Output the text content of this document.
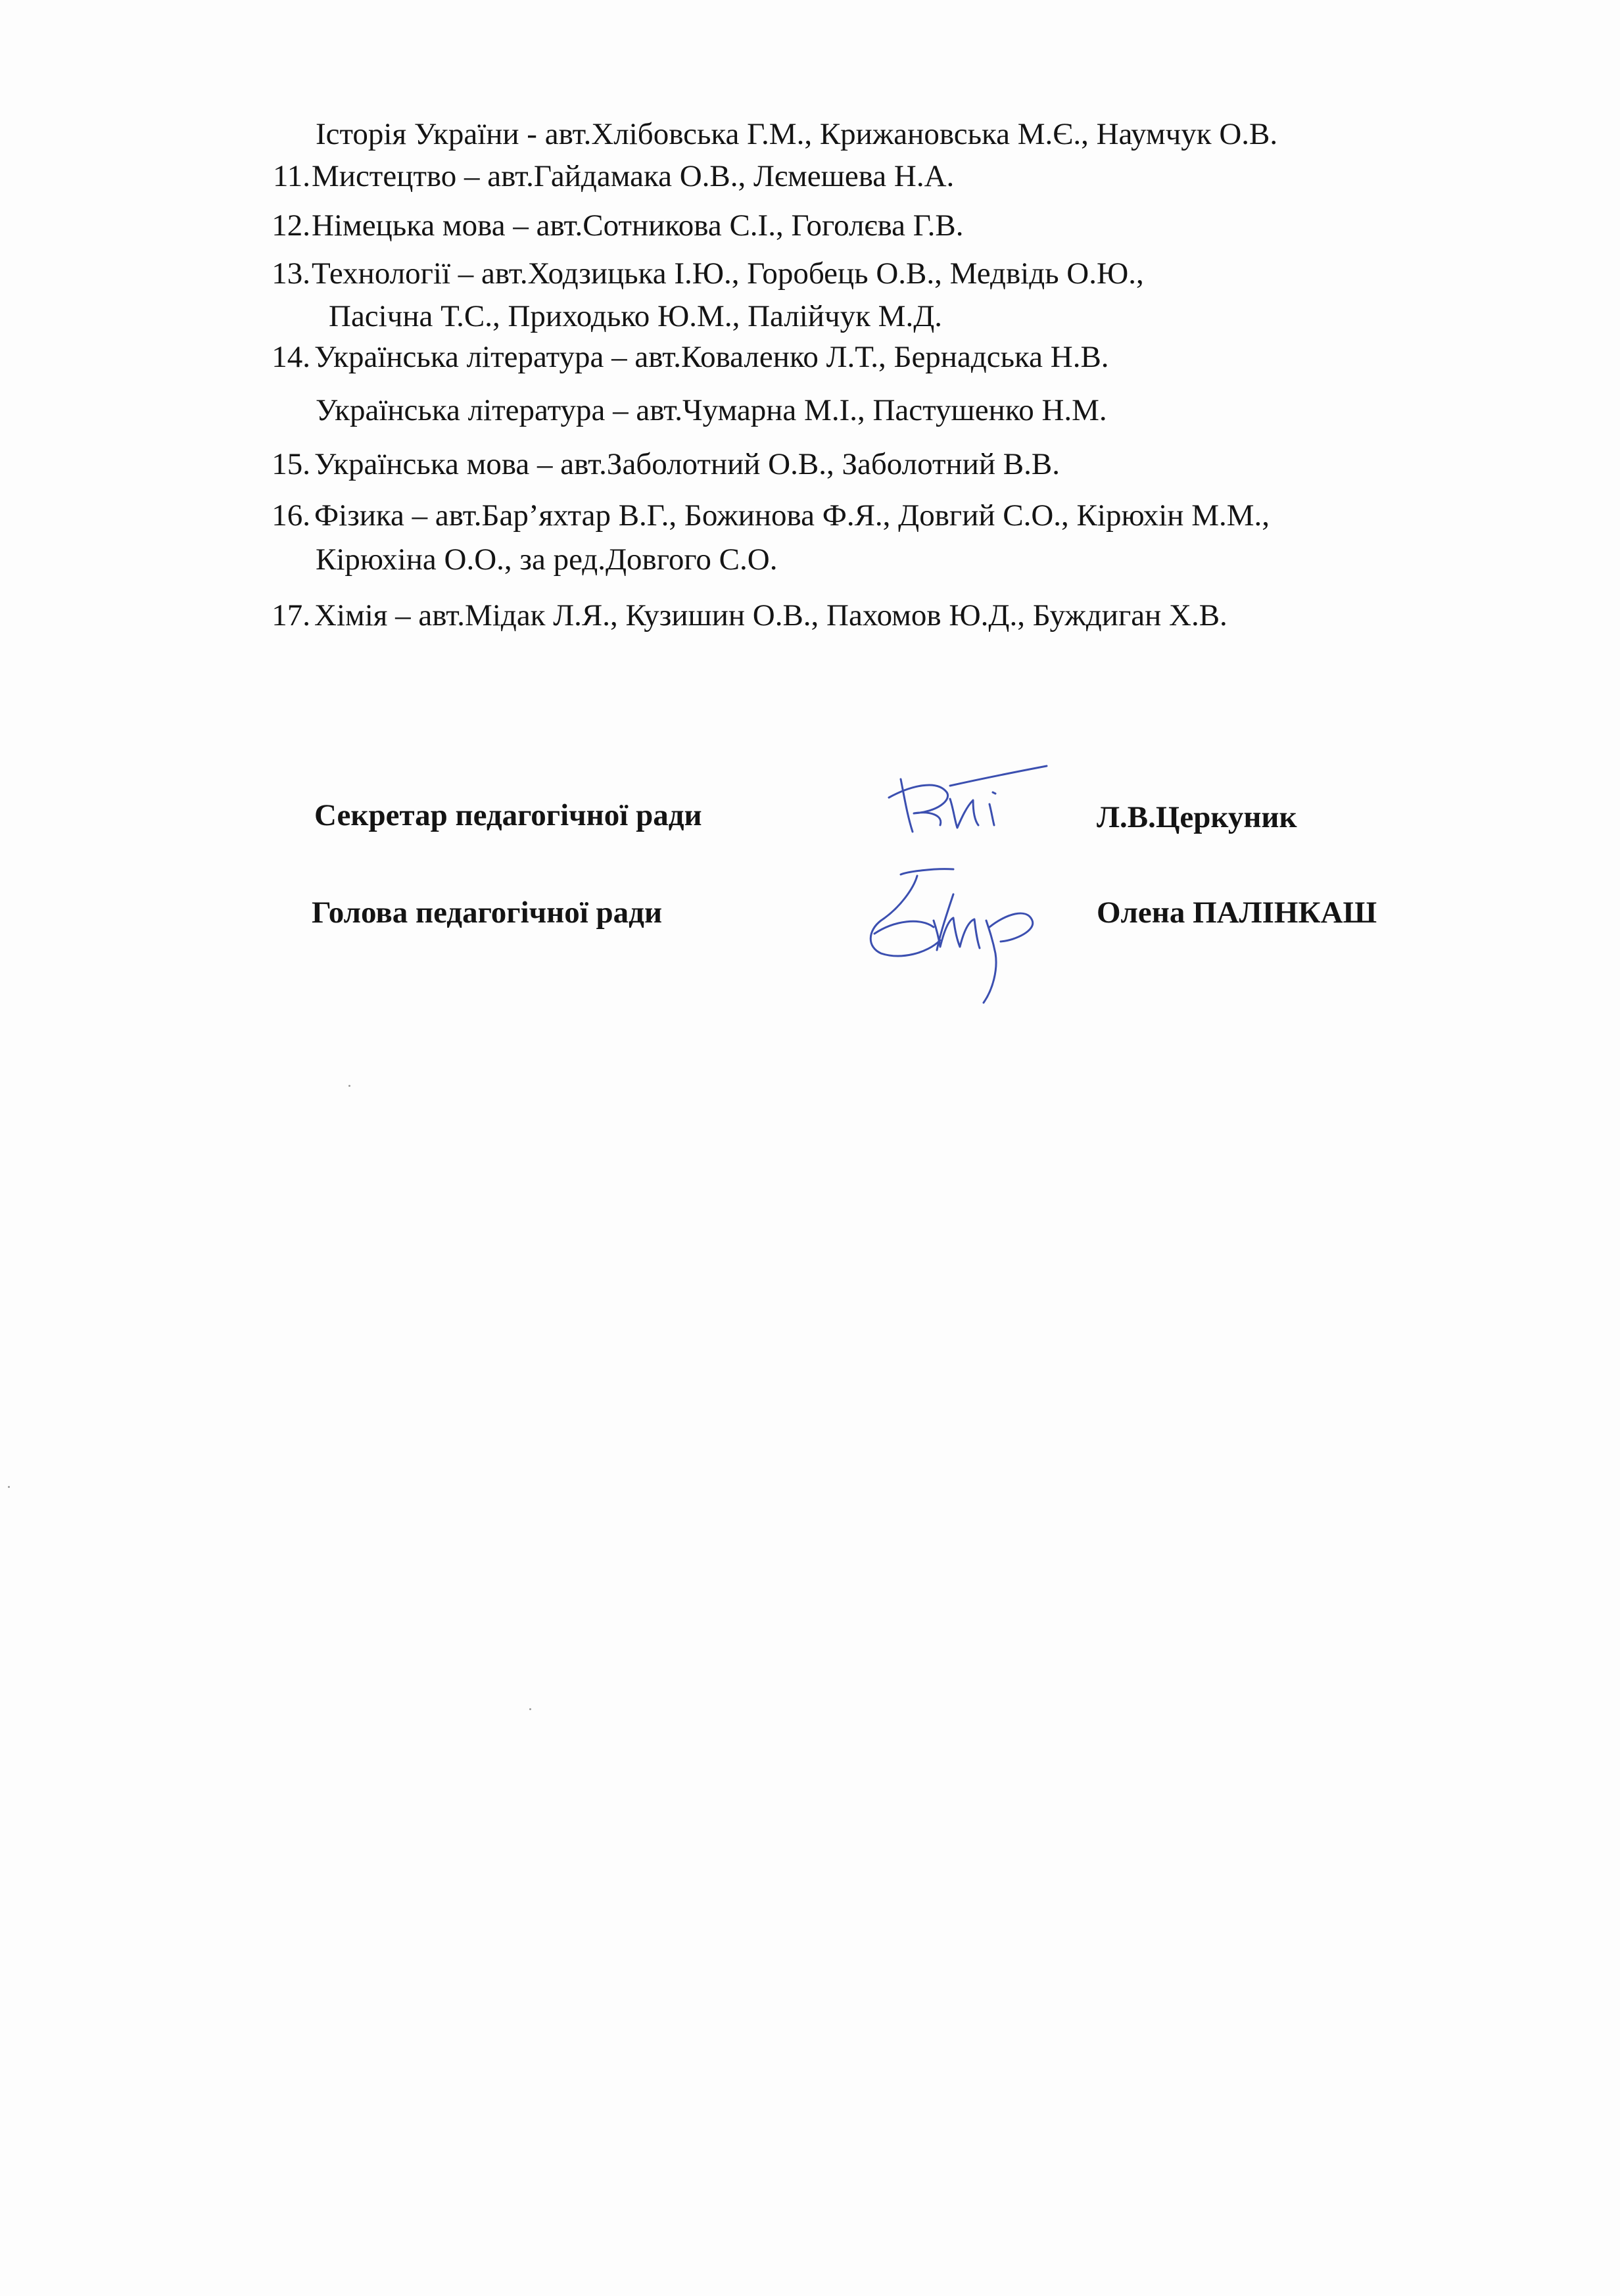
Історія України - авт.Хлібовська Г.М., Крижановська М.Є., Наумчук О.В.
11. Мистецтво – авт.Гайдамака О.В., Лємешева Н.А.
12. Німецька мова – авт.Сотникова С.І., Гоголєва Г.В.
13. Технології – авт.Ходзицька І.Ю., Горобець О.В., Медвідь О.Ю.,
Пасічна Т.С., Приходько Ю.М., Палійчук М.Д.
14. Українська література – авт.Коваленко Л.Т., Бернадська Н.В.
Українська література – авт.Чумарна М.І., Пастушенко Н.М.
15. Українська мова – авт.Заболотний О.В., Заболотний В.В.
16. Фізика – авт.Бар’яхтар В.Г., Божинова Ф.Я., Довгий С.О., Кірюхін М.М.,
Кірюхіна О.О., за ред.Довгого С.О.
17. Хімія – авт.Мідак Л.Я., Кузишин О.В., Пахомов Ю.Д., Буждиган Х.В.
Секретар педагогічної ради	Л.В.Церкуник
Голова педагогічної ради	Олена ПАЛІНКАШ
